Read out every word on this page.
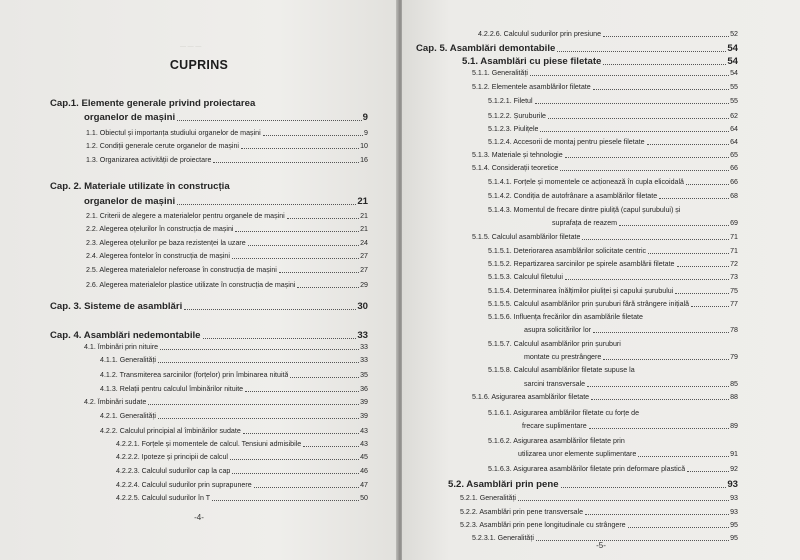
— — —
CUPRINS
Cap.1. Elemente generale privind proiectarea
organelor de mașini	9
1.1. Obiectul și importanța studiului organelor de mașini	9
1.2. Condiții generale cerute organelor de mașini	10
1.3. Organizarea activității de proiectare	16
Cap. 2. Materiale utilizate în construcția
organelor de mașini	21
2.1. Criterii de alegere a materialelor pentru organele de mașini	21
2.2. Alegerea oțelurilor în construcția de mașini	21
2.3. Alegerea oțelurilor pe baza rezistenței la uzare	24
2.4. Alegerea fontelor în construcția de mașini	27
2.5. Alegerea materialelor neferoase în construcția de mașini	27
2.6. Alegerea materialelor plastice utilizate în construcția de mașini	29
Cap. 3. Sisteme de asamblări	30
Cap. 4. Asamblări nedemontabile	33
4.1. Îmbinări prin nituire	33
4.1.1. Generalități	33
4.1.2. Transmiterea sarcinilor (forțelor) prin îmbinarea nituită	35
4.1.3. Relații pentru calculul îmbinărilor nituite	36
4.2. Îmbinări sudate	39
4.2.1. Generalități	39
4.2.2. Calculul principial al îmbinărilor sudate	43
4.2.2.1. Forțele și momentele de calcul. Tensiuni admisibile	43
4.2.2.2. Ipoteze și principii de calcul	45
4.2.2.3. Calculul sudurilor cap la cap	46
4.2.2.4. Calculul sudurilor prin suprapunere	47
4.2.2.5. Calculul sudurilor în T	50
-4-
4.2.2.6. Calculul sudurilor prin presiune	52
Cap. 5. Asamblări demontabile	54
5.1. Asamblări cu piese filetate	54
5.1.1. Generalități	54
5.1.2. Elementele asamblărilor filetate	55
5.1.2.1. Filetul	55
5.1.2.2. Șuruburile	62
5.1.2.3. Piulițele	64
5.1.2.4. Accesorii de montaj pentru piesele filetate	64
5.1.3. Materiale și tehnologie	65
5.1.4. Considerații teoretice	66
5.1.4.1. Forțele și momentele ce acționează în cupla elicoidală	66
5.1.4.2. Condiția de autofrânare a asamblărilor filetate	68
5.1.4.3. Momentul de frecare dintre piuliță (capul șurubului) și
suprafața de reazem	69
5.1.5. Calculul asamblărilor filetate	71
5.1.5.1. Deteriorarea asamblărilor solicitate centric	71
5.1.5.2. Repartizarea sarcinilor pe spirele asamblării filetate	72
5.1.5.3. Calculul filetului	73
5.1.5.4. Determinarea înălțimilor piuliței și capului șurubului	75
5.1.5.5. Calculul asamblărilor prin șuruburi fără strângere inițială	77
5.1.5.6. Influența frecărilor din asamblările filetate
asupra solicitărilor lor	78
5.1.5.7. Calculul asamblărilor prin șuruburi
montate cu prestrângere	79
5.1.5.8. Calculul asamblărilor filetate supuse la
sarcini transversale	85
5.1.6. Asigurarea asamblărilor filetate	88
5.1.6.1. Asigurarea amblărilor filetate cu forțe de
frecare suplimentare	89
5.1.6.2. Asigurarea asamblărilor filetate prin
utilizarea unor elemente suplimentare	91
5.1.6.3. Asigurarea asamblărilor filetate prin deformare plastică	92
5.2. Asamblări prin pene	93
5.2.1. Generalități	93
5.2.2. Asamblări prin pene transversale	93
5.2.3. Asamblări prin pene longitudinale cu strângere	95
5.2.3.1. Generalități	95
-5-
